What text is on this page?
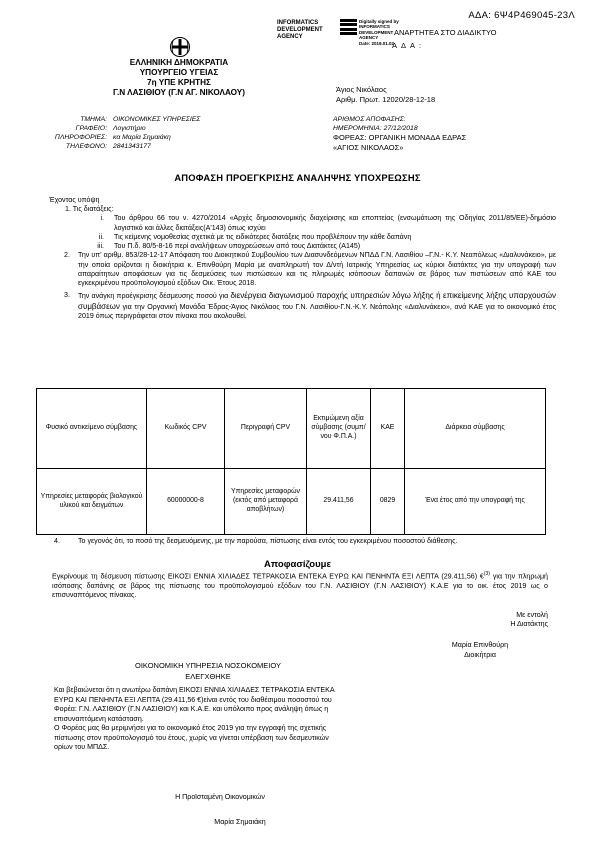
ΑΔΑ: 6Ψ4Ρ469045-23Λ
INFORMATICS
DEVELOPMENT
AGENCY
Digitally signed by
INFORMATICS
DEVELOPMENT
AGENCY
Date: 2019.01.02
ΑΝΑΡΤΗΤΕΑ ΣΤΟ ΔΙΑΔΙΚΤΥΟ
ΑΔΑ:
ΕΛΛΗΝΙΚΗ ΔΗΜΟΚΡΑΤΙΑ
ΥΠΟΥΡΓΕΙΟ ΥΓΕΙΑΣ
7η ΥΠΕ ΚΡΗΤΗΣ
Γ.Ν ΛΑΣΙΘΙΟΥ (Γ.Ν ΑΓ. ΝΙΚΟΛΑΟΥ)	Άγιος Νικόλαος
Αριθμ. Πρωτ. 12020/28-12-18
ΤΜΗΜΑ: ΟΙΚΟΝΟΜΙΚΕΣ ΥΠΗΡΕΣΙΕΣ
ΓΡΑΦΕΙΟ: Λογιστήριο
ΠΛΗΡΟΦΟΡΙΕΣ: κα Μαρία Σημαιάκη
ΤΗΛΕΦΩΝΟ: 2841343177
ΑΡΙΘΜΟΣ ΑΠΟΦΑΣΗΣ:
ΗΜΕΡΟΜΗΝΙΑ: 27/12/2018
ΦΟΡΕΑΣ: ΟΡΓΑΝΙΚΗ ΜΟΝΑΔΑ ΕΔΡΑΣ
«ΑΓΙΟΣ ΝΙΚΟΛΑΟΣ»
ΑΠΟΦΑΣΗ ΠΡΟΕΓΚΡΙΣΗΣ ΑΝΑΛΗΨΗΣ ΥΠΟΧΡΕΩΣΗΣ
Έχοντας υπόψη
1. Τις διατάξεις:
i. Του άρθρου 66 του ν. 4270/2014 «Αρχές δημοσιονομικής διαχείρισης και εποπτείας (ενσωμάτωση της Οδηγίας 2011/85/ΕΕ)-δημόσιο λογιστικό και άλλες διατάξεις(Α'143) όπως ισχύει
ii. Τις κείμενης νομοθεσίας σχετικά με τις ειδικότερες διατάξεις που προβλέπουν την κάθε δαπάνη
iii. Του Π.δ. 80/5-8-16 περί αναλήψεων υποχρεώσεων από τους Διατάκτες (Α145)
2.	Την υπ' αριθμ. 853/28-12-17 Απόφαση του Διοικητικού Συμβουλίου των Διασυνδεόμενων ΝΠΔΔ Γ.Ν. Λασιθίου –Γ.Ν.- Κ.Υ. Νεαπόλεως «Διαλυνάκειο», με την οποία ορίζονται η διοικήτρια κ. Επινθούρη Μαρία με αναπληρωτή τον Δ/ντή Ιατρικής Υπηρεσίας ως κύριοι διατάκτες για την υπογραφή των απαραίτητων αποφάσεων για τις δεσμεύσεις των πιστώσεων και τις πληρωμές ισόποσων δαπανών σε βάρος των πιστώσεων από ΚΑΕ του εγκεκριμένου προϋπολογισμού εξόδων Οικ. Έτους 2018.
3.	Την ανάγκη προέγκρισης δέσμευσης ποσού για διενέργεια διαγωνισμού παροχής υπηρεσιών λόγω λήξης ή επικείμενης λήξης υπαρχουσών συμβάσεων για την Οργανική Μονάδα Έδρας-Άγιος Νικόλαος του Γ.Ν. Λασιθίου-Γ.Ν.-Κ.Υ. Νεάπολης «Διαλυνάκειο», ανά ΚΑΕ για το οικονομικό έτος 2019 όπως περιγράφεται στον πίνακα που ακολουθεί.
Φυσικό αντικείμενο σύμβασης	Κωδικός CPV	Περιγραφή CPV	Εκτιμώμενη αξία σύμβασης (συμπ/νου Φ.Π.Α.)	ΚΑΕ	Διάρκεια σύμβασης
Υπηρεσίες μεταφοράς βιολογικού υλικού και δειγμάτων	60000000-8	Υπηρεσίες μεταφορών (εκτός από μεταφορά αποβλήτων)	29.411,56	0829	Ένα έτος από την υπογραφή της
4.	Το γεγονός ότι, το ποσό της δεσμευόμενης, με την παρούσα, πίστωσης είναι εντός του εγκεκριμένου ποσοστού διάθεσης.
Αποφασίζουμε
Εγκρίνουμε τη δέσμευση πίστωσης ΕΙΚΟΣΙ ΕΝΝΙΑ ΧΙΛΙΑΔΕΣ ΤΕΤΡΑΚΟΣΙΑ ΕΝΤΕΚΑ ΕΥΡΩ ΚΑΙ ΠΕΝΗΝΤΑ ΕΞΙ ΛΕΠΤΑ (29.411,56) €$^{(3)}$ για την πληρωμή ισόποσης δαπάνης σε βάρος της πίστωσης του προϋπολογισμού εξόδων του Γ.Ν. ΛΑΣΙΘΙΟΥ (Γ.Ν ΛΑΣΙΘΙΟΥ) Κ.Α.Ε για το οικ. έτος 2019 ως ο επισυναπτόμενος πίνακας.
Με εντολή
Η Διατάκτης
Μαρία Επινθούρη
Διοικήτρια
ΟΙΚΟΝΟΜΙΚΗ ΥΠΗΡΕΣΙΑ ΝΟΣΟΚΟΜΕΙΟΥ
ΕΛΕΓΧΘΗΚΕ
Και βεβαιώνεται ότι η ανωτέρω δαπάνη ΕΙΚΟΣΙ ΕΝΝΙΑ ΧΙΛΙΑΔΕΣ ΤΕΤΡΑΚΟΣΙΑ ΕΝΤΕΚΑ ΕΥΡΩ ΚΑΙ ΠΕΝΗΝΤΑ ΕΞΙ ΛΕΠΤΑ (29.411,56 €)είναι εντός του διαθέσιμου ποσοστού του Φορέα: Γ.Ν. ΛΑΣΙΘΙΟΥ (Γ.Ν ΛΑΣΙΘΙΟΥ) και Κ.Α.Ε. και υπόλοιπο προς ανάληψη όπως η επισυναπτόμενη κατάσταση.
Ο Φορέας μας θα μεριμνήσει για το οικονομικό έτος 2019 για την εγγραφή της σχετικής πίστωσης στον προϋπολογισμό του έτους, χωρίς να γίνεται υπέρβαση των δεσμευτικών ορίων του ΜΠΔΣ.
Η Προϊσταμένη Οικονομικών
Μαρία Σημαιάκη
